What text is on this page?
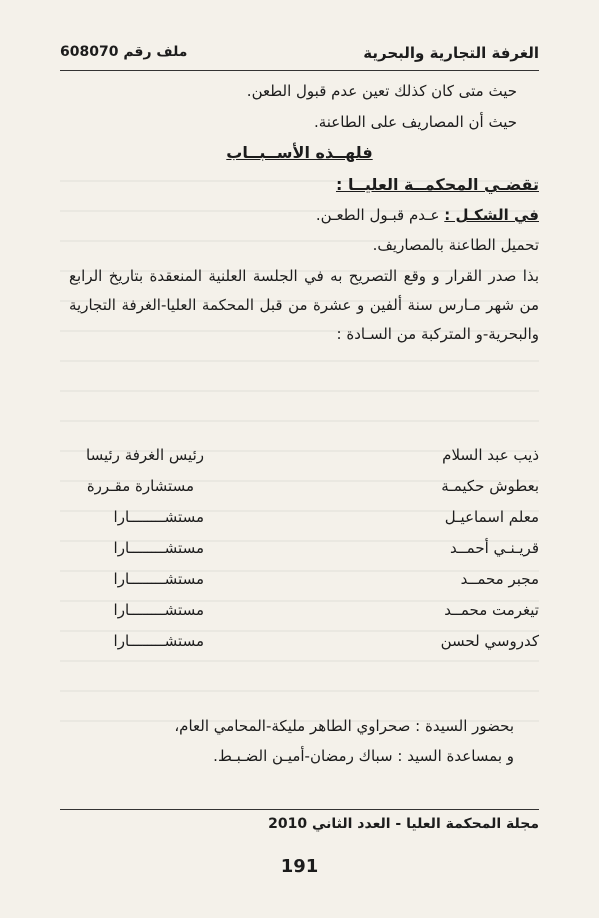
الغرفة التجارية والبحرية
ملف رقم 608070
حيث متى كان كذلك تعين عدم قبول الطعن.
حيث أن المصاريف على الطاعنة.
فلهــذه الأســبــاب
تقضـي المحكمــة العليــا :
في الشكـل : عـدم قبـول الطعـن.
تحميل الطاعنة بالمصاريف.
بذا صدر القرار و وقع التصريح به في الجلسة العلنية المنعقدة بتاريخ الرابع من شهر مـارس سنة ألفين و عشرة من قبل المحكمة العليا-الغرفة التجارية والبحرية-و المتركبة من السـادة :
ذيب عبد السلام
رئيس الغرفة رئيسا
بعطوش حكيمـة
مستشارة مقـررة
معلم اسماعيـل
مستشــــــــارا
قريـنـي أحمــد
مستشــــــــارا
مجبر محمــد
مستشــــــــارا
تيغرمت محمــد
مستشــــــــارا
كدروسي لحسن
مستشــــــــارا
بحضور السيدة : صحراوي الطاهر مليكة-المحامي العام،
و بمساعدة السيد : سباك رمضان-أميـن الضـبـط.
مجلة المحكمة العليا - العدد الثاني 2010
191
